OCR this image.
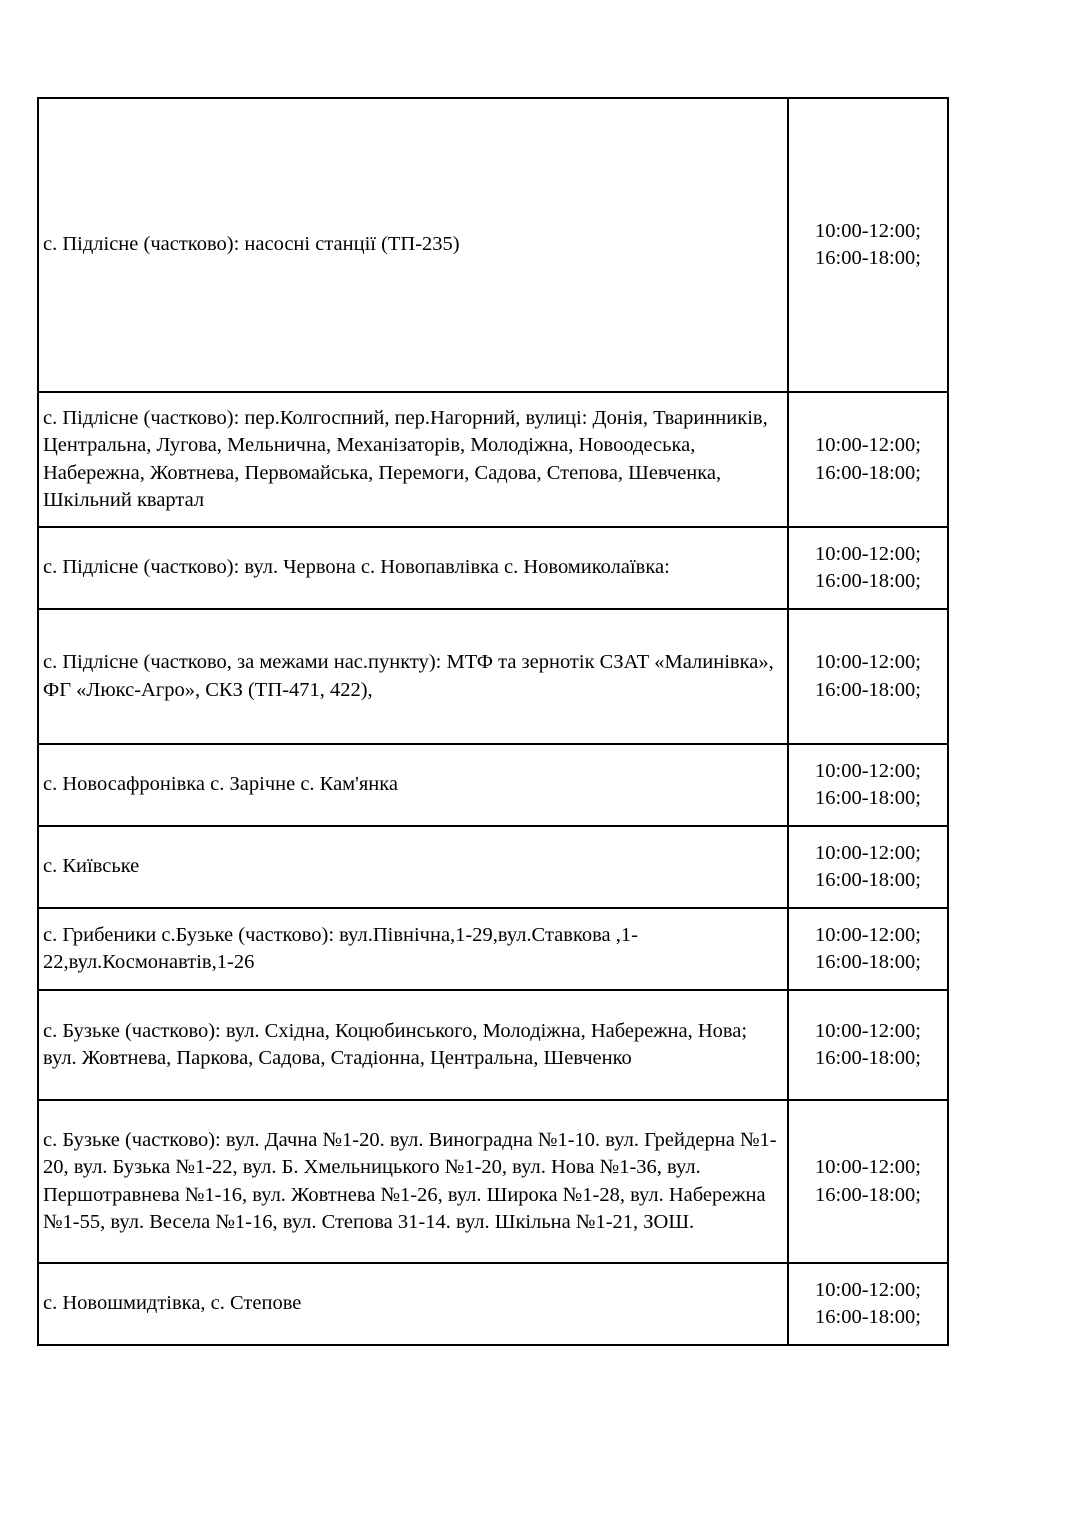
с. Підлісне (частково): насосні станції (ТП-235)	10:00-12:00;
16:00-18:00;

с. Підлісне (частково): пер.Колгоспний, пер.Нагорний, вулиці: Донія, Тваринників, Центральна, Лугова, Мельнична, Механізаторів, Молодіжна, Новоодеська, Набережна, Жовтнева, Первомайська, Перемоги, Садова, Степова, Шевченка, Шкільний квартал	10:00-12:00;
16:00-18:00;

с. Підлісне (частково): вул. Червона с. Новопавлівка с. Новомиколаївка:	10:00-12:00;
16:00-18:00;

с. Підлісне (частково, за межами нас.пункту): МТФ та зернотік СЗАТ «Малинівка», ФГ «Люкс-Агро», СКЗ (ТП-471, 422),	10:00-12:00;
16:00-18:00;

с. Новосафронівка с. Зарічне с. Кам'янка	10:00-12:00;
16:00-18:00;

с. Київське	10:00-12:00;
16:00-18:00;

с. Грибеники с.Бузьке (частково): вул.Північна,1-29,вул.Ставкова ,1-22,вул.Космонавтів,1-26	10:00-12:00;
16:00-18:00;

с. Бузьке (частково): вул. Східна, Коцюбинського, Молодіжна, Набережна, Нова; вул. Жовтнева, Паркова, Садова, Стадіонна, Центральна, Шевченко	10:00-12:00;
16:00-18:00;

с. Бузьке (частково): вул. Дачна №1-20. вул. Виноградна №1-10. вул. Грейдерна №1-20, вул. Бузька №1-22, вул. Б. Хмельницького №1-20, вул. Нова №1-36, вул. Першотравнева №1-16, вул. Жовтнева №1-26, вул. Широка №1-28, вул. Набережна №1-55, вул. Весела №1-16, вул. Степова 31-14. вул. Шкільна №1-21, ЗОШ.	10:00-12:00;
16:00-18:00;

с. Новошмидтівка, с. Степове	10:00-12:00;
16:00-18:00;
